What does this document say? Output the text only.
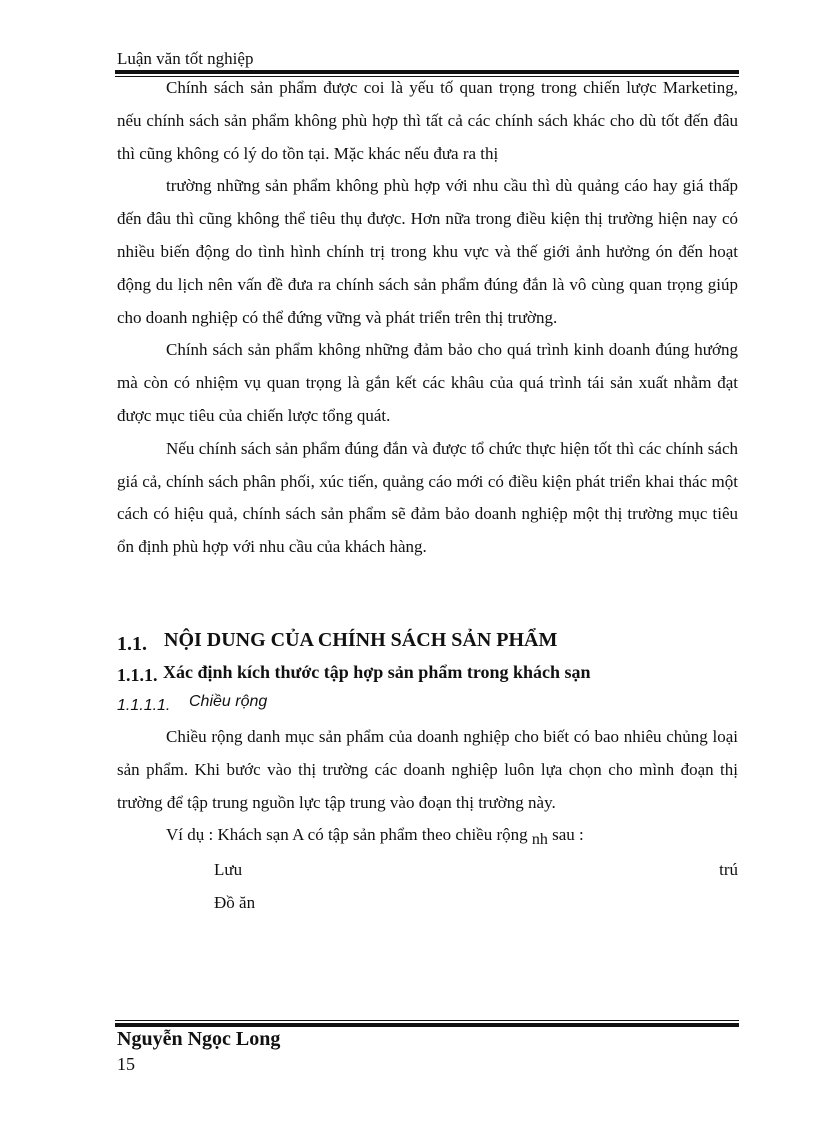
Luận văn tốt nghiệp

Chính sách sản phẩm được coi là yếu tố quan trọng trong chiến lược Marketing, nếu chính sách sản phẩm không phù hợp thì tất cả các chính sách khác cho dù tốt đến đâu thì cũng không có lý do tồn tại. Mặc khác nếu đưa ra thị

trường những sản phẩm không phù hợp với nhu cầu thì dù quảng cáo hay giá thấp đến đâu thì cũng không thể tiêu thụ được. Hơn nữa trong điều kiện thị trường hiện nay có nhiều biến động do tình hình chính trị trong khu vực và thế giới ảnh hưởng ón đến hoạt động du lịch nên vấn đề đưa ra chính sách sản phẩm đúng đắn là vô cùng quan trọng giúp cho doanh nghiệp có thể đứng vững và phát triển trên thị trường.

Chính sách sản phẩm không những đảm bảo cho quá trình kinh doanh đúng hướng mà còn có nhiệm vụ quan trọng là gắn kết các khâu của quá trình tái sản xuất nhằm đạt được mục tiêu của chiến lược tổng quát.

Nếu chính sách sản phẩm đúng đắn và được tổ chức thực hiện tốt thì các chính sách giá cả, chính sách phân phối, xúc tiến, quảng cáo mới có điều kiện phát triển khai thác một cách có hiệu quả, chính sách sản phẩm sẽ đảm bảo doanh nghiệp một thị trường mục tiêu ổn định phù hợp với nhu cầu của khách hàng.

1.1. NỘI DUNG CỦA CHÍNH SÁCH SẢN PHẨM
1.1.1. Xác định kích thước tập hợp sản phẩm trong khách sạn
1.1.1.1. Chiều rộng

Chiều rộng danh mục sản phẩm của doanh nghiệp cho biết có bao nhiêu chủng loại sản phẩm. Khi bước vào thị trường các doanh nghiệp luôn lựa chọn cho mình đoạn thị trường để tập trung nguồn lực tập trung vào đoạn thị trường này.

Ví dụ : Khách sạn A có tập sản phẩm theo chiều rộng nh sau :

Lưu	trú
Đồ ăn
Nguyễn Ngọc Long
15
